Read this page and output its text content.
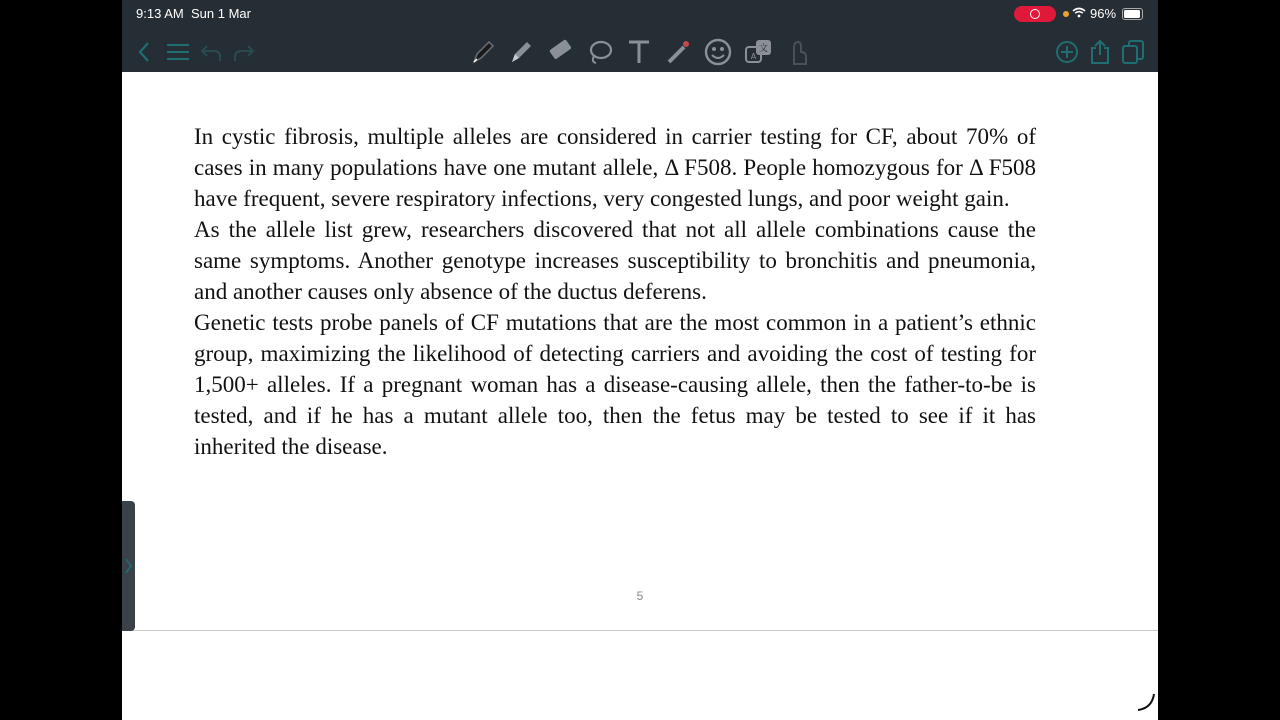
9:13 AM Sun 1 Mar	96%
文
A

In cystic fibrosis, multiple alleles are considered in carrier testing for CF, about 70% of cases in many populations have one mutant allele, Δ F508. People homozygous for Δ F508 have frequent, severe respiratory infections, very congested lungs, and poor weight gain.

As the allele list grew, researchers discovered that not all allele combinations cause the same symptoms. Another genotype increases susceptibility to bronchitis and pneumonia, and another causes only absence of the ductus deferens.

Genetic tests probe panels of CF mutations that are the most common in a patient’s ethnic group, maximizing the likelihood of detecting carriers and avoiding the cost of testing for 1,500+ alleles. If a pregnant woman has a disease-causing allele, then the father-to-be is tested, and if he has a mutant allele too, then the fetus may be tested to see if it has inherited the disease.

5
